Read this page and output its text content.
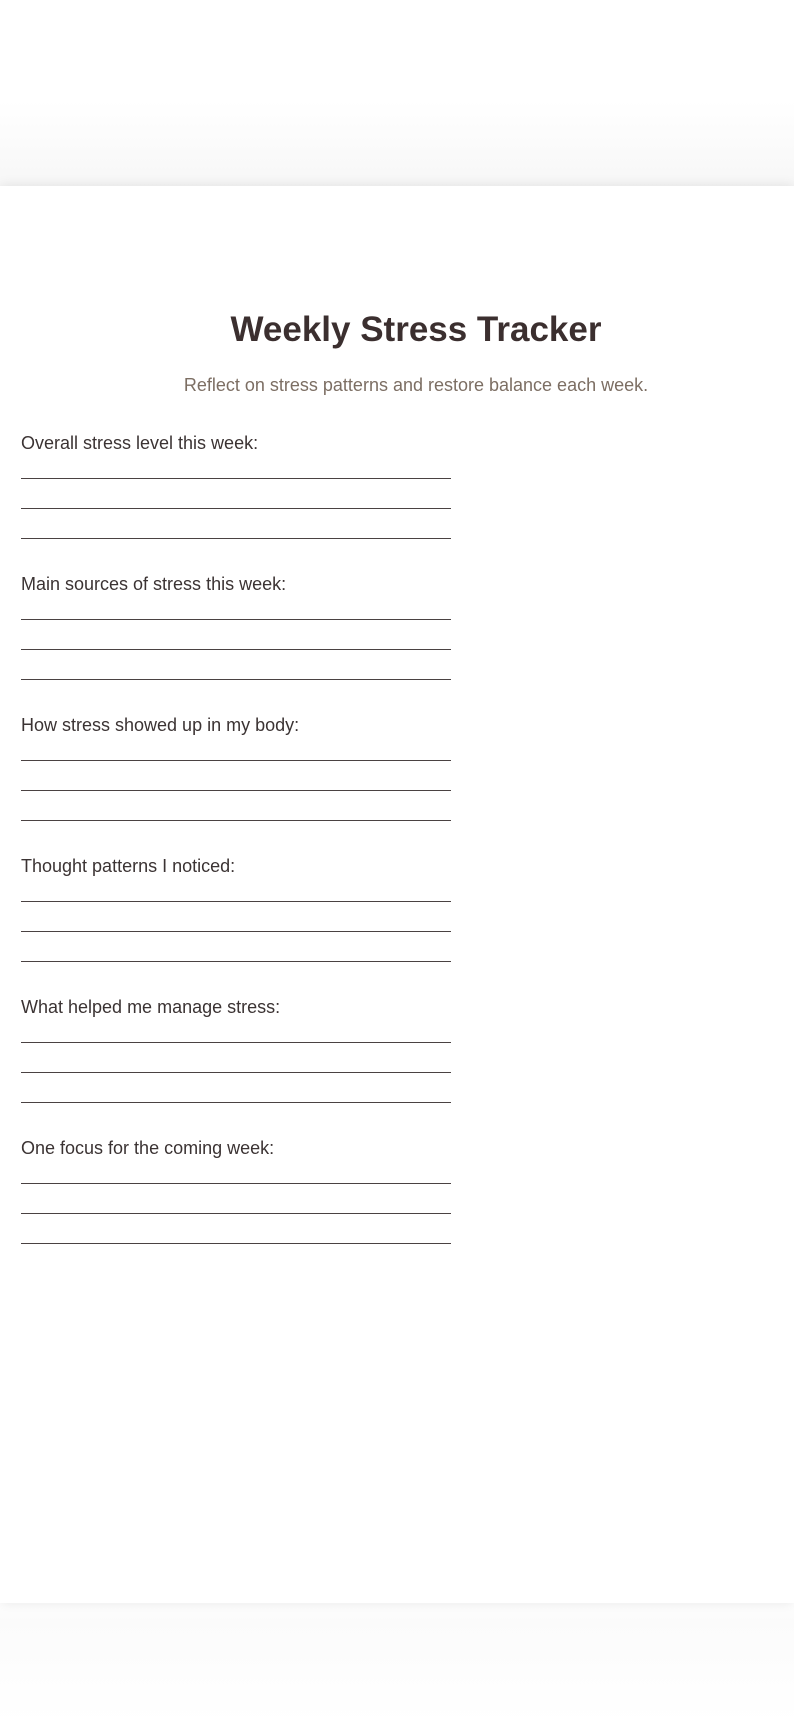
Weekly Stress Tracker

Reflect on stress patterns and restore balance each week.

Overall stress level this week:

Main sources of stress this week:

How stress showed up in my body:

Thought patterns I noticed:

What helped me manage stress:

One focus for the coming week:
